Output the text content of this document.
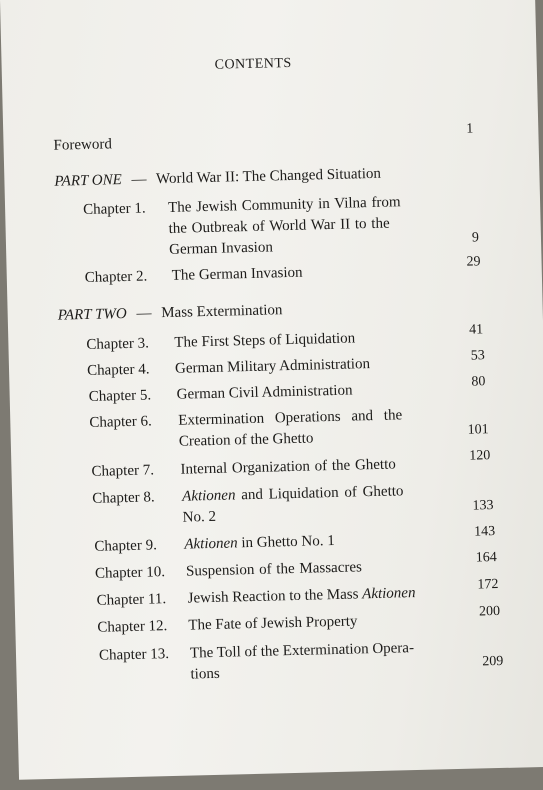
CONTENTS
Foreword
1
PART ONE — World War II: The Changed Situation
Chapter 1. The Jewish Community in Vilna from
the Outbreak of World War II to the
German Invasion
9
Chapter 2. The German Invasion
29
PART TWO — Mass Extermination
Chapter 3. The First Steps of Liquidation
41
Chapter 4. German Military Administration
53
Chapter 5. German Civil Administration
80
Chapter 6. Extermination Operations and the
Creation of the Ghetto
101
Chapter 7. Internal Organization of the Ghetto
120
Chapter 8. Aktionen and Liquidation of Ghetto
No. 2
133
Chapter 9. Aktionen in Ghetto No. 1
143
Chapter 10. Suspension of the Massacres
164
Chapter 11. Jewish Reaction to the Mass Aktionen
172
Chapter 12. The Fate of Jewish Property
200
Chapter 13. The Toll of the Extermination Opera-
tions
209
